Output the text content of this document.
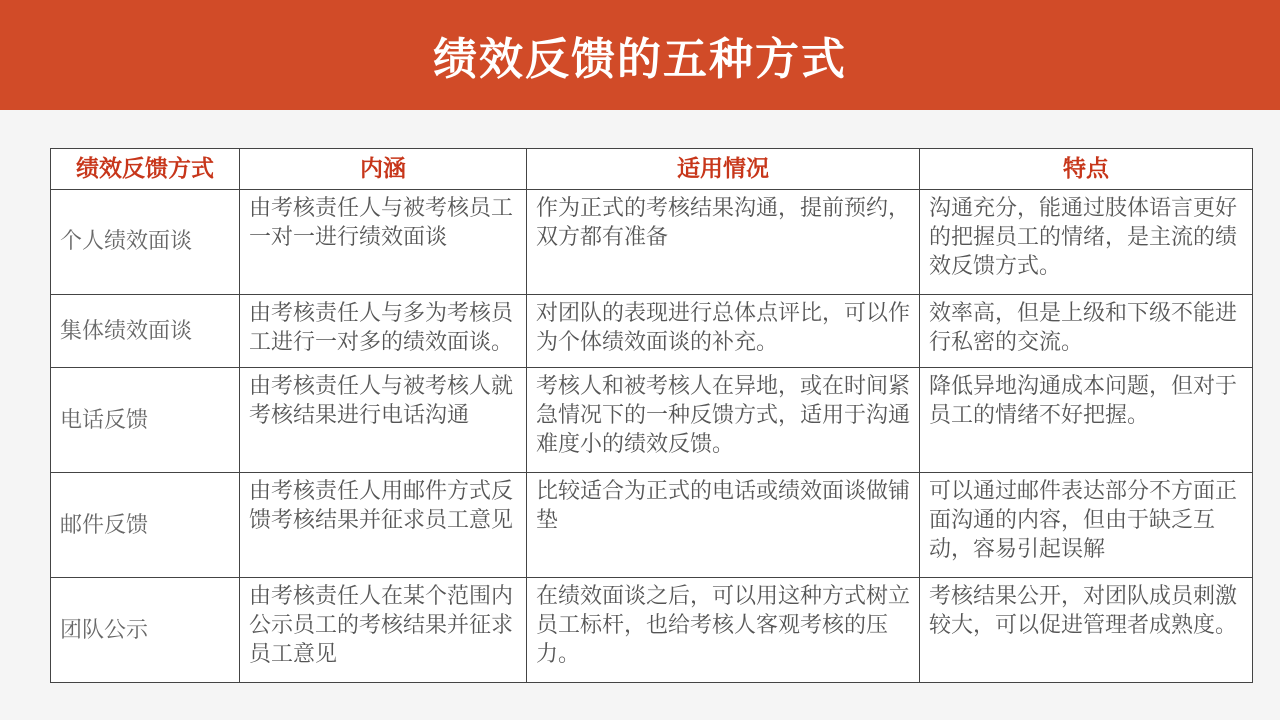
绩效反馈的五种方式
绩效反馈方式	内涵	适用情况	特点
个人绩效面谈	由考核责任人与被考核员工一对一进行绩效面谈	作为正式的考核结果沟通，提前预约，双方都有准备	沟通充分，能通过肢体语言更好的把握员工的情绪，是主流的绩效反馈方式。
集体绩效面谈	由考核责任人与多为考核员工进行一对多的绩效面谈。	对团队的表现进行总体点评比，可以作为个体绩效面谈的补充。	效率高，但是上级和下级不能进行私密的交流。
电话反馈	由考核责任人与被考核人就考核结果进行电话沟通	考核人和被考核人在异地，或在时间紧急情况下的一种反馈方式，适用于沟通难度小的绩效反馈。	降低异地沟通成本问题，但对于员工的情绪不好把握。
邮件反馈	由考核责任人用邮件方式反馈考核结果并征求员工意见	比较适合为正式的电话或绩效面谈做铺垫	可以通过邮件表达部分不方面正面沟通的内容，但由于缺乏互动，容易引起误解
团队公示	由考核责任人在某个范围内公示员工的考核结果并征求员工意见	在绩效面谈之后，可以用这种方式树立员工标杆，也给考核人客观考核的压力。	考核结果公开，对团队成员刺激较大，可以促进管理者成熟度。
